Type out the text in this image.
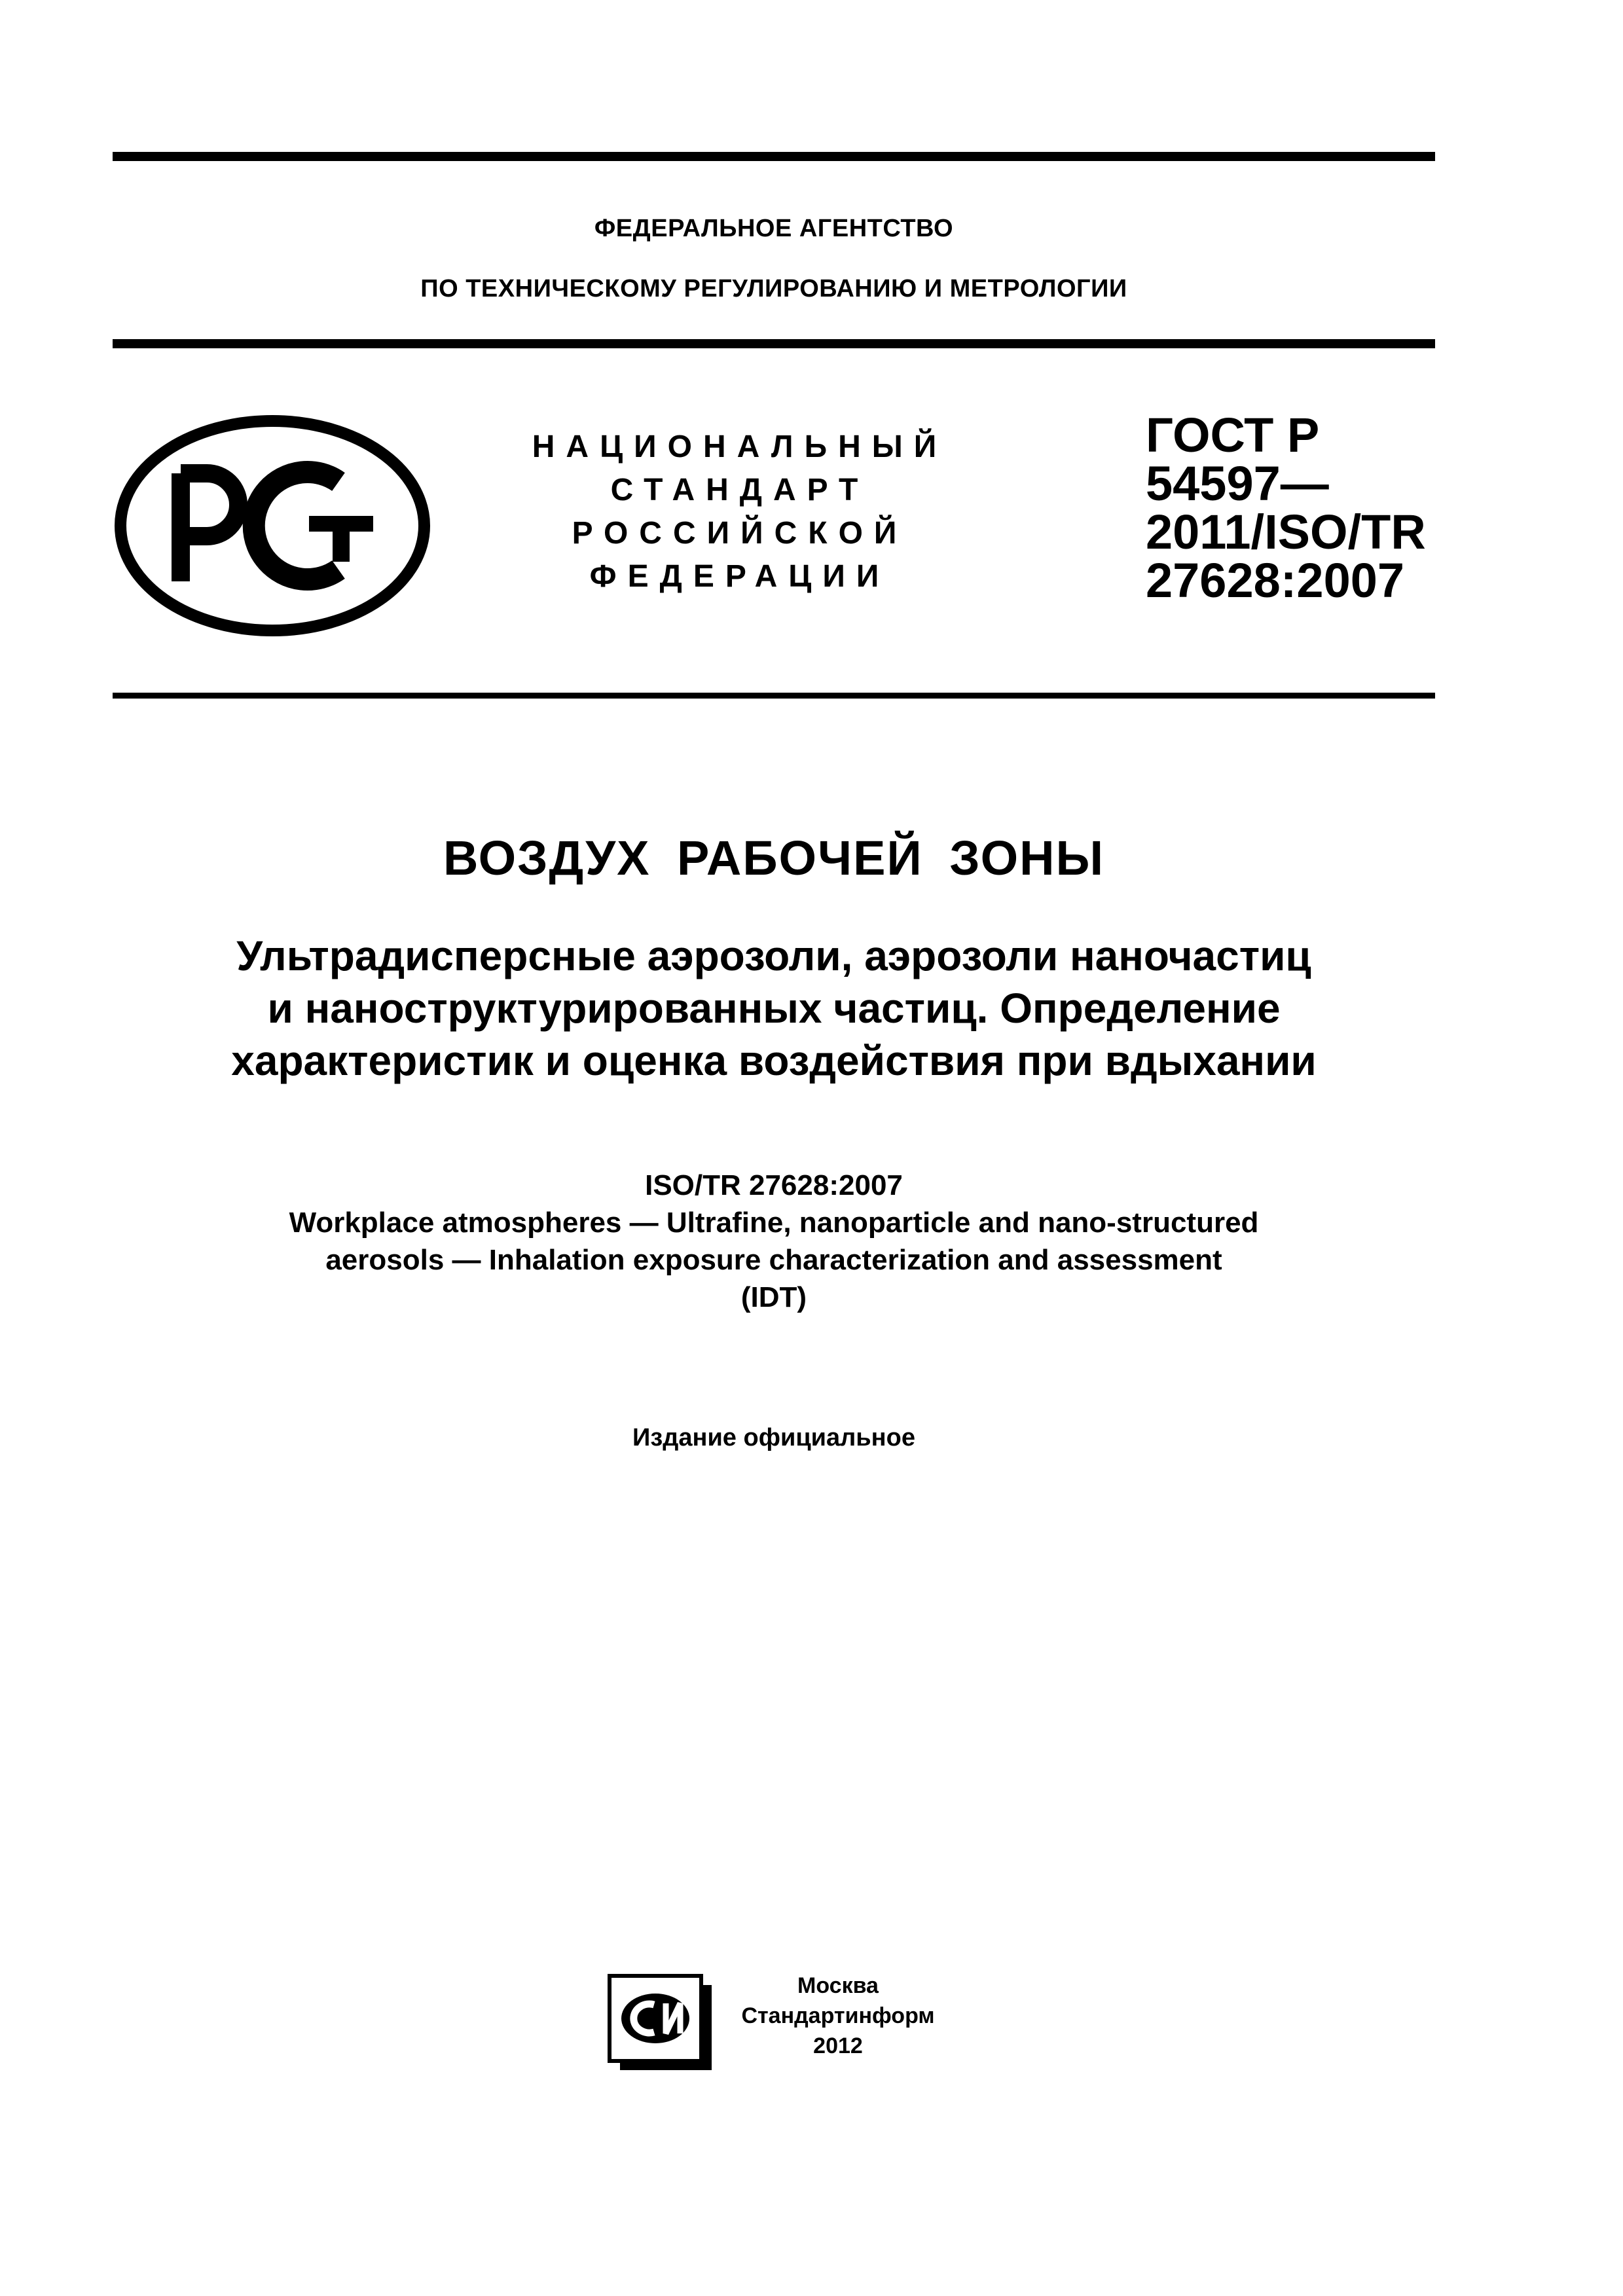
ФЕДЕРАЛЬНОЕ АГЕНТСТВО
ПО ТЕХНИЧЕСКОМУ РЕГУЛИРОВАНИЮ И МЕТРОЛОГИИ
НАЦИОНАЛЬНЫЙ
СТАНДАРТ
РОССИЙСКОЙ
ФЕДЕРАЦИИ
ГОСТ Р
54597—
2011/ISO/TR
27628:2007
ВОЗДУХ РАБОЧЕЙ ЗОНЫ
Ультрадисперсные аэрозоли, аэрозоли наночастиц
и наноструктурированных частиц. Определение
характеристик и оценка воздействия при вдыхании
ISO/TR 27628:2007
Workplace atmospheres — Ultrafine, nanoparticle and nano-structured
aerosols — Inhalation exposure characterization and assessment
(IDT)
Издание официальное
Москва
Стандартинформ
2012
